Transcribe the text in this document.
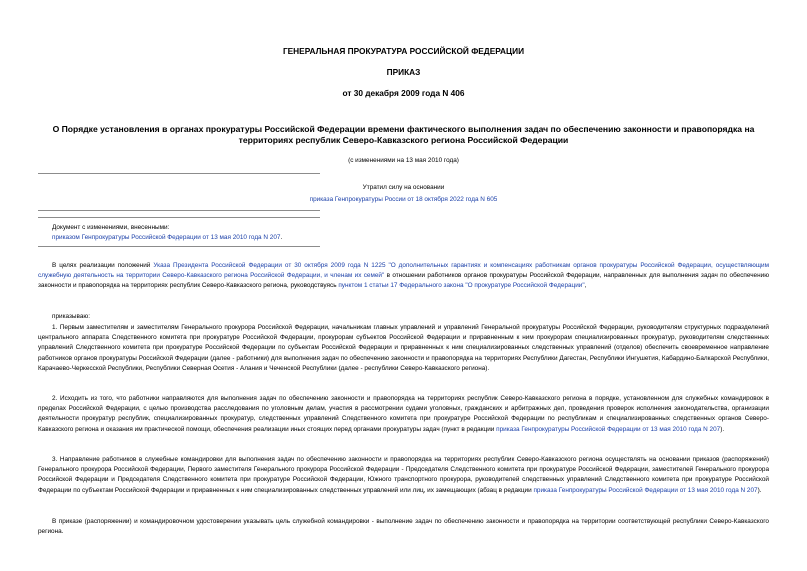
ГЕНЕРАЛЬНАЯ ПРОКУРАТУРА РОССИЙСКОЙ ФЕДЕРАЦИИ
ПРИКАЗ
от 30 декабря 2009 года N 406
О Порядке установления в органах прокуратуры Российской Федерации времени фактического выполнения задач по обеспечению законности и правопорядка на территориях республик Северо-Кавказского региона Российской Федерации
(с изменениями на 13 мая 2010 года)
Утратил силу на основании
приказа Генпрокуратуры России от 18 октября 2022 года N 605
Документ с изменениями, внесенными:
приказом Генпрокуратуры Российской Федерации от 13 мая 2010 года N 207.
В целях реализации положений Указа Президента Российской Федерации от 30 октября 2009 года N 1225 "О дополнительных гарантиях и компенсациях работникам органов прокуратуры Российской Федерации, осуществляющим служебную деятельность на территории Северо-Кавказского региона Российской Федерации, и членам их семей" в отношении работников органов прокуратуры Российской Федерации, направленных для выполнения задач по обеспечению законности и правопорядка на территориях республик Северо-Кавказского региона, руководствуясь пунктом 1 статьи 17 Федерального закона "О прокуратуре Российской Федерации",
приказываю:
1. Первым заместителям и заместителям Генерального прокурора Российской Федерации, начальникам главных управлений и управлений Генеральной прокуратуры Российской Федерации, руководителям структурных подразделений центрального аппарата Следственного комитета при прокуратуре Российской Федерации, прокурорам субъектов Российской Федерации и приравненным к ним прокурорам специализированных прокуратур, руководителям следственных управлений Следственного комитета при прокуратуре Российской Федерации по субъектам Российской Федерации и приравненных к ним специализированных следственных управлений (отделов) обеспечить своевременное направление работников органов прокуратуры Российской Федерации (далее - работники) для выполнения задач по обеспечению законности и правопорядка на территориях Республики Дагестан, Республики Ингушетия, Кабардино-Балкарской Республики, Карачаево-Черкесской Республики, Республики Северная Осетия - Алания и Чеченской Республики (далее - республики Северо-Кавказского региона).
2. Исходить из того, что работники направляются для выполнения задач по обеспечению законности и правопорядка на территориях республик Северо-Кавказского региона в порядке, установленном для служебных командировок в пределах Российской Федерации, с целью производства расследования по уголовным делам, участия в рассмотрении судами уголовных, гражданских и арбитражных дел, проведения проверок исполнения законодательства, организации деятельности прокуратур республик, специализированных прокуратур, следственных управлений Следственного комитета при прокуратуре Российской Федерации по республикам и специализированных следственных органов Северо-Кавказского региона и оказания им практической помощи, обеспечения реализации иных стоящих перед органами прокуратуры задач (пункт в редакции приказа Генпрокуратуры Российской Федерации от 13 мая 2010 года N 207).
3. Направление работников в служебные командировки для выполнения задач по обеспечению законности и правопорядка на территориях республик Северо-Кавказского региона осуществлять на основании приказов (распоряжений) Генерального прокурора Российской Федерации, Первого заместителя Генерального прокурора Российской Федерации - Председателя Следственного комитета при прокуратуре Российской Федерации, заместителей Генерального прокурора Российской Федерации и Председателя Следственного комитета при прокуратуре Российской Федерации, Южного транспортного прокурора, руководителей следственных управлений Следственного комитета при прокуратуре Российской Федерации по субъектам Российской Федерации и приравненных к ним специализированных следственных управлений или лиц, их замещающих (абзац в редакции приказа Генпрокуратуры Российской Федерации от 13 мая 2010 года N 207).
В приказе (распоряжении) и командировочном удостоверении указывать цель служебной командировки - выполнение задач по обеспечению законности и правопорядка на территории соответствующей республики Северо-Кавказского региона.
